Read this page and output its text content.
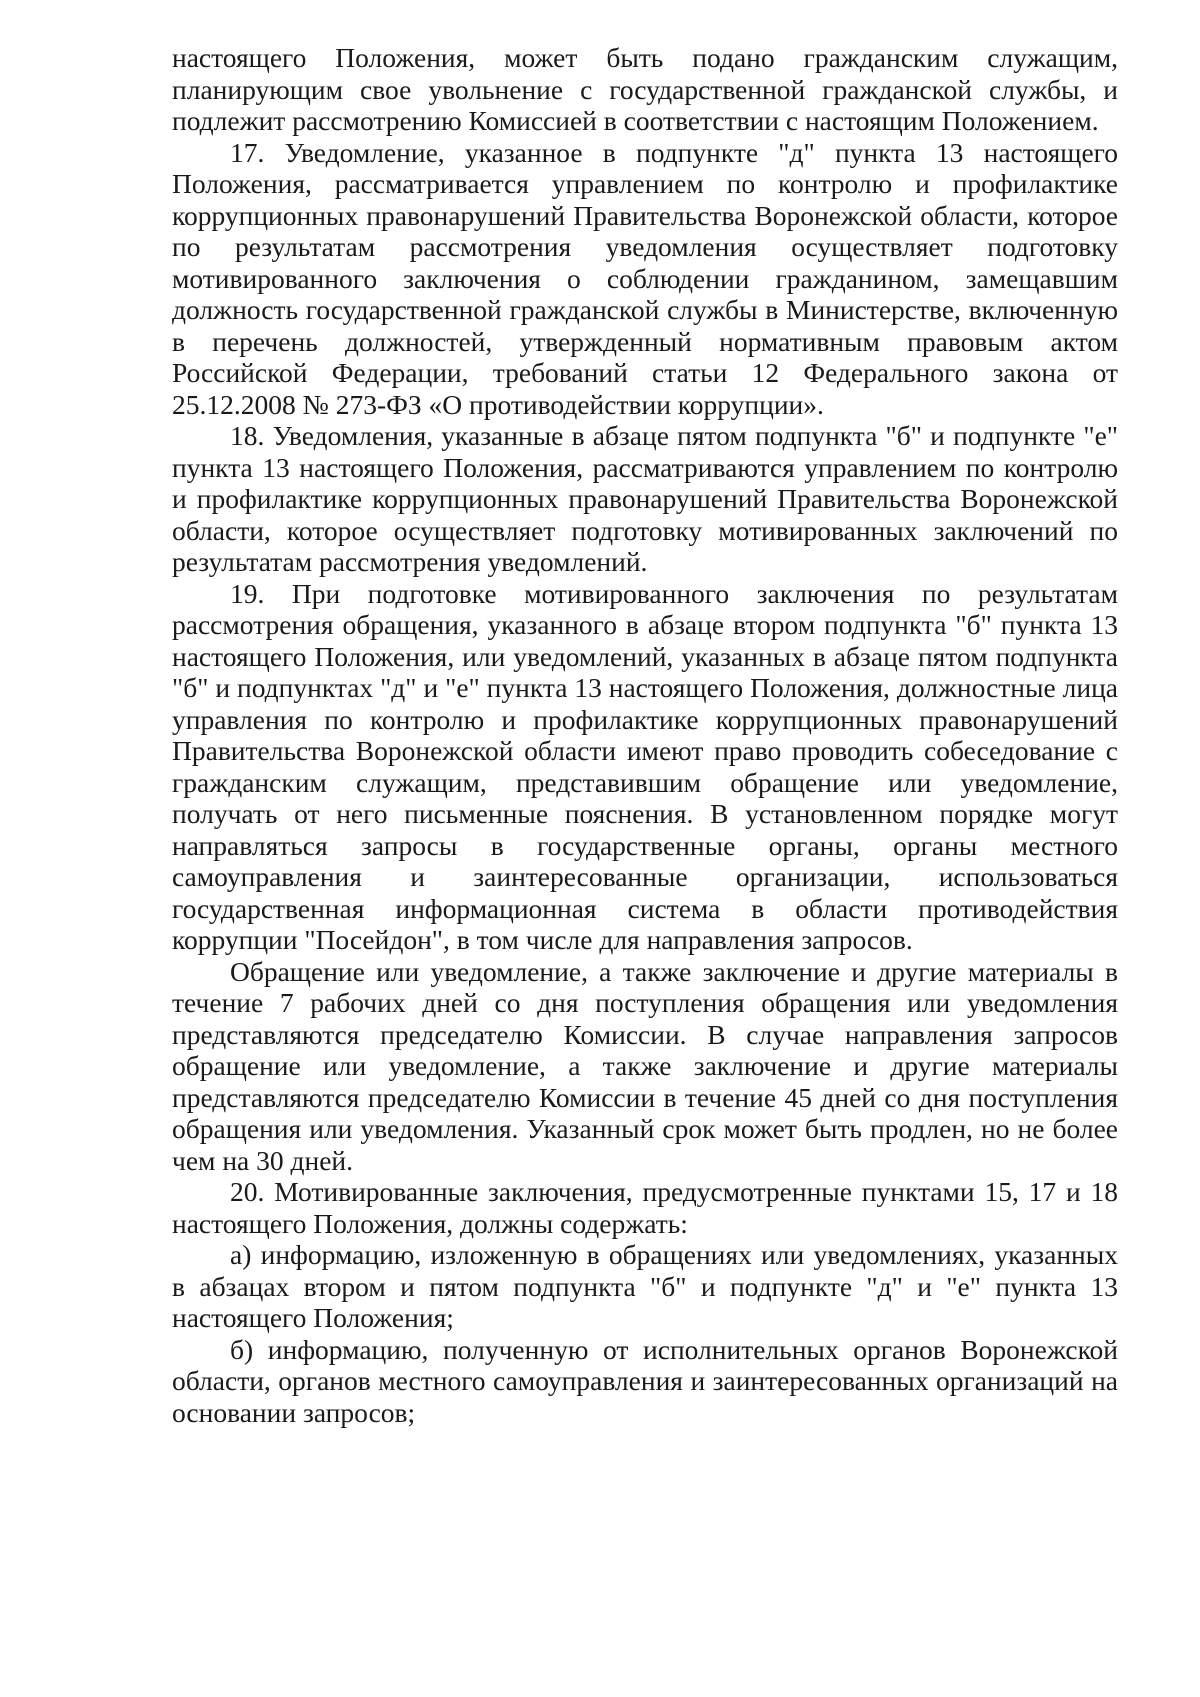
настоящего Положения, может быть подано гражданским служащим, планирующим свое увольнение с государственной гражданской службы, и подлежит рассмотрению Комиссией в соответствии с настоящим Положением.

17. Уведомление, указанное в подпункте "д" пункта 13 настоящего Положения, рассматривается управлением по контролю и профилактике коррупционных правонарушений Правительства Воронежской области, которое по результатам рассмотрения уведомления осуществляет подготовку мотивированного заключения о соблюдении гражданином, замещавшим должность государственной гражданской службы в Министерстве, включенную в перечень должностей, утвержденный нормативным правовым актом Российской Федерации, требований статьи 12 Федерального закона от 25.12.2008 № 273-ФЗ «О противодействии коррупции».

18. Уведомления, указанные в абзаце пятом подпункта "б" и подпункте "е" пункта 13 настоящего Положения, рассматриваются управлением по контролю и профилактике коррупционных правонарушений Правительства Воронежской области, которое осуществляет подготовку мотивированных заключений по результатам рассмотрения уведомлений.

19. При подготовке мотивированного заключения по результатам рассмотрения обращения, указанного в абзаце втором подпункта "б" пункта 13 настоящего Положения, или уведомлений, указанных в абзаце пятом подпункта "б" и подпунктах "д" и "е" пункта 13 настоящего Положения, должностные лица управления по контролю и профилактике коррупционных правонарушений Правительства Воронежской области имеют право проводить собеседование с гражданским служащим, представившим обращение или уведомление, получать от него письменные пояснения. В установленном порядке могут направляться запросы в государственные органы, органы местного самоуправления и заинтересованные организации, использоваться государственная информационная система в области противодействия коррупции "Посейдон", в том числе для направления запросов.

Обращение или уведомление, а также заключение и другие материалы в течение 7 рабочих дней со дня поступления обращения или уведомления представляются председателю Комиссии. В случае направления запросов обращение или уведомление, а также заключение и другие материалы представляются председателю Комиссии в течение 45 дней со дня поступления обращения или уведомления. Указанный срок может быть продлен, но не более чем на 30 дней.

20. Мотивированные заключения, предусмотренные пунктами 15, 17 и 18 настоящего Положения, должны содержать:

а) информацию, изложенную в обращениях или уведомлениях, указанных в абзацах втором и пятом подпункта "б" и подпункте "д" и "е" пункта 13 настоящего Положения;

б) информацию, полученную от исполнительных органов Воронежской области, органов местного самоуправления и заинтересованных организаций на основании запросов;
